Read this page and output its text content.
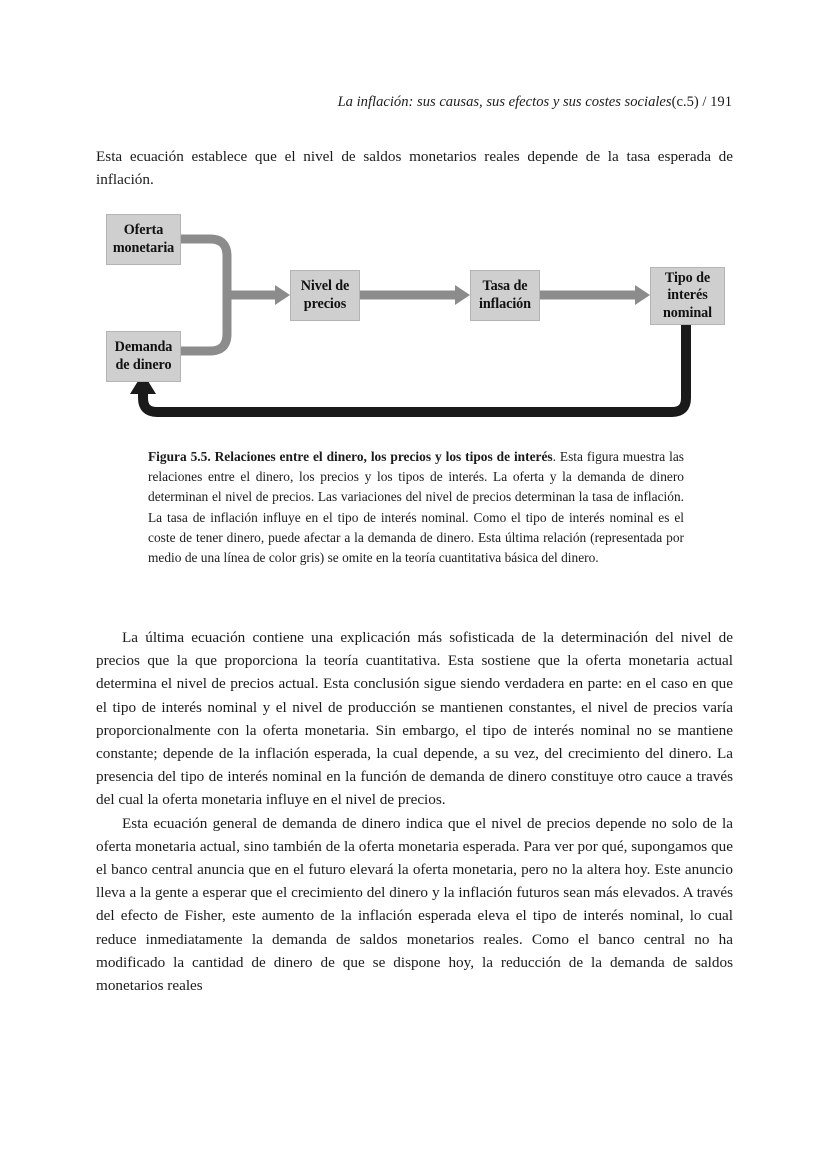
La inflación: sus causas, sus efectos y sus costes sociales(c.5) / 191

Esta ecuación establece que el nivel de saldos monetarios reales depende de la tasa esperada de inflación.

Oferta
monetaria
Demanda
de dinero
Nivel de
precios
Tasa de
inflación
Tipo de
interés
nominal
Figura 5.5. Relaciones entre el dinero, los precios y los tipos de interés. Esta figura muestra las relaciones entre el dinero, los precios y los tipos de interés. La oferta y la demanda de dinero determinan el nivel de precios. Las variaciones del nivel de precios determinan la tasa de inflación. La tasa de inflación influye en el tipo de interés nominal. Como el tipo de interés nominal es el coste de tener dinero, puede afectar a la demanda de dinero. Esta última relación (representada por medio de una línea de color gris) se omite en la teoría cuantitativa básica del dinero.

La última ecuación contiene una explicación más sofisticada de la determinación del nivel de precios que la que proporciona la teoría cuantitativa. Esta sostiene que la oferta monetaria actual determina el nivel de precios actual. Esta conclusión sigue siendo verdadera en parte: en el caso en que el tipo de interés nominal y el nivel de producción se mantienen constantes, el nivel de precios varía proporcionalmente con la oferta monetaria. Sin embargo, el tipo de interés nominal no se mantiene constante; depende de la inflación esperada, la cual depende, a su vez, del crecimiento del dinero. La presencia del tipo de interés nominal en la función de demanda de dinero constituye otro cauce a través del cual la oferta monetaria influye en el nivel de precios.

Esta ecuación general de demanda de dinero indica que el nivel de precios depende no solo de la oferta monetaria actual, sino también de la oferta monetaria esperada. Para ver por qué, supongamos que el banco central anuncia que en el futuro elevará la oferta monetaria, pero no la altera hoy. Este anuncio lleva a la gente a esperar que el crecimiento del dinero y la inflación futuros sean más elevados. A través del efecto de Fisher, este aumento de la inflación esperada eleva el tipo de interés nominal, lo cual reduce inmediatamente la demanda de saldos monetarios reales. Como el banco central no ha modificado la cantidad de dinero de que se dispone hoy, la reducción de la demanda de saldos monetarios reales
